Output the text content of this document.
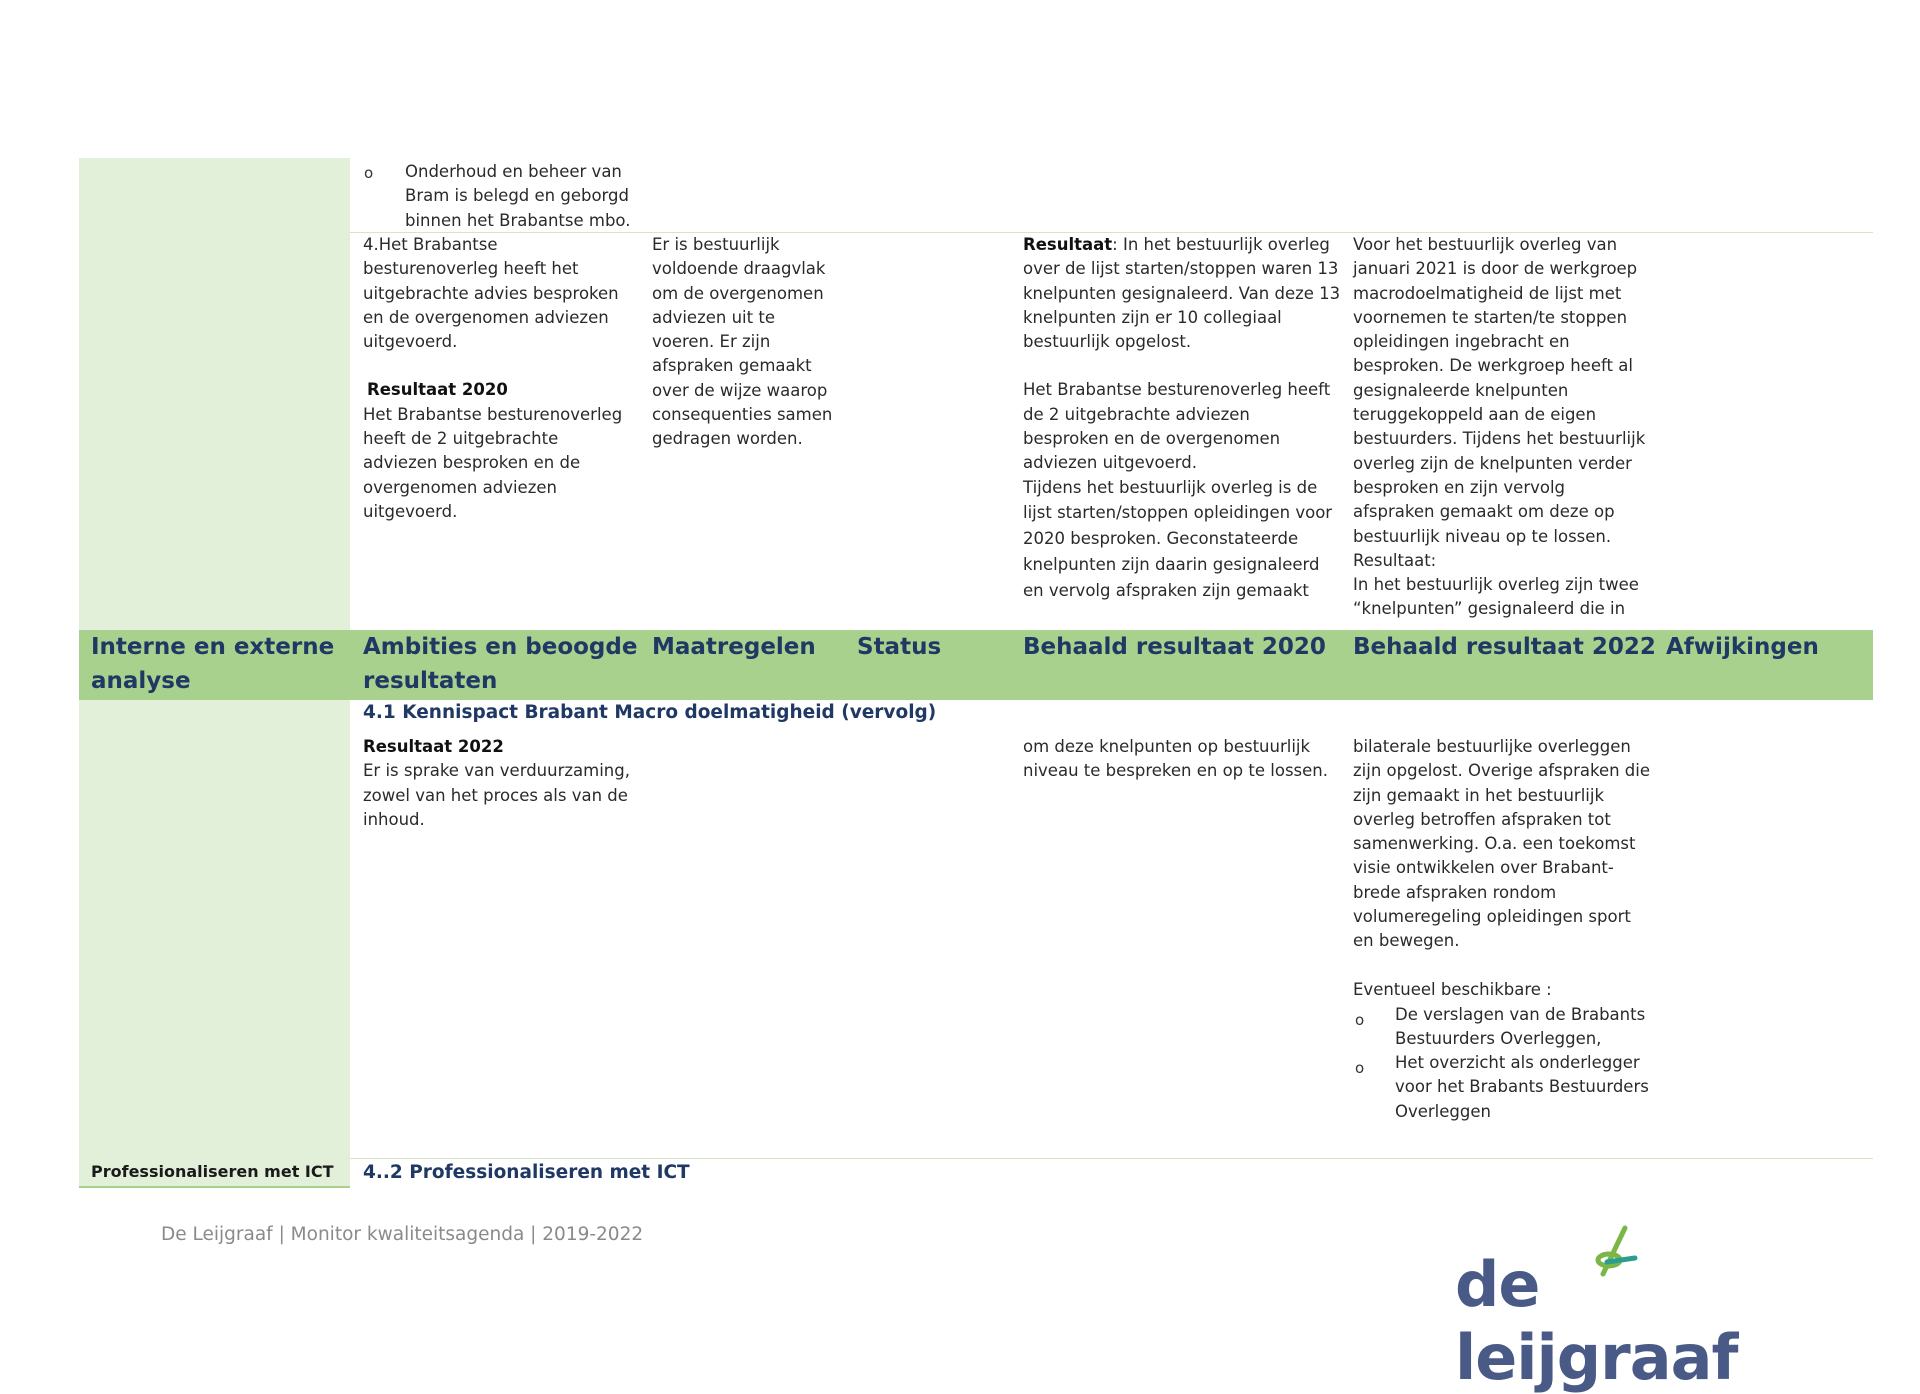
o Onderhoud en beheer van
Bram is belegd en geborgd
binnen het Brabantse mbo.
4.Het Brabantse
besturenoverleg heeft het
uitgebrachte advies besproken
en de overgenomen adviezen
uitgevoerd.
Resultaat 2020
Het Brabantse besturenoverleg
heeft de 2 uitgebrachte
adviezen besproken en de
overgenomen adviezen
uitgevoerd.
Er is bestuurlijk
voldoende draagvlak
om de overgenomen
adviezen uit te
voeren. Er zijn
afspraken gemaakt
over de wijze waarop
consequenties samen
gedragen worden.
Resultaat: In het bestuurlijk overleg
over de lijst starten/stoppen waren 13
knelpunten gesignaleerd. Van deze 13
knelpunten zijn er 10 collegiaal
bestuurlijk opgelost.
Het Brabantse besturenoverleg heeft
de 2 uitgebrachte adviezen
besproken en de overgenomen
adviezen uitgevoerd.
Tijdens het bestuurlijk overleg is de
lijst starten/stoppen opleidingen voor
2020 besproken. Geconstateerde
knelpunten zijn daarin gesignaleerd
en vervolg afspraken zijn gemaakt
Voor het bestuurlijk overleg van
januari 2021 is door de werkgroep
macrodoelmatigheid de lijst met
voornemen te starten/te stoppen
opleidingen ingebracht en
besproken. De werkgroep heeft al
gesignaleerde knelpunten
teruggekoppeld aan de eigen
bestuurders. Tijdens het bestuurlijk
overleg zijn de knelpunten verder
besproken en zijn vervolg
afspraken gemaakt om deze op
bestuurlijk niveau op te lossen.
Resultaat:
In het bestuurlijk overleg zijn twee
“knelpunten” gesignaleerd die in
Interne en externe
analyse
Ambities en beoogde
resultaten
Maatregelen Status	Behaald resultaat 2020 Behaald resultaat 2022 Afwijkingen
4.1 Kennispact Brabant Macro doelmatigheid (vervolg)
Resultaat 2022
Er is sprake van verduurzaming,
zowel van het proces als van de
inhoud.
om deze knelpunten op bestuurlijk
niveau te bespreken en op te lossen.
bilaterale bestuurlijke overleggen
zijn opgelost. Overige afspraken die
zijn gemaakt in het bestuurlijk
overleg betroffen afspraken tot
samenwerking. O.a. een toekomst
visie ontwikkelen over Brabant-
brede afspraken rondom
volumeregeling opleidingen sport
en bewegen.
Eventueel beschikbare :
o De verslagen van de Brabants
Bestuurders Overleggen,
o Het overzicht als onderlegger
voor het Brabants Bestuurders
Overleggen
Professionaliseren met ICT 4..2 Professionaliseren met ICT
De Leijgraaf | Monitor kwaliteitsagenda | 2019-2022
de leijgraaf
